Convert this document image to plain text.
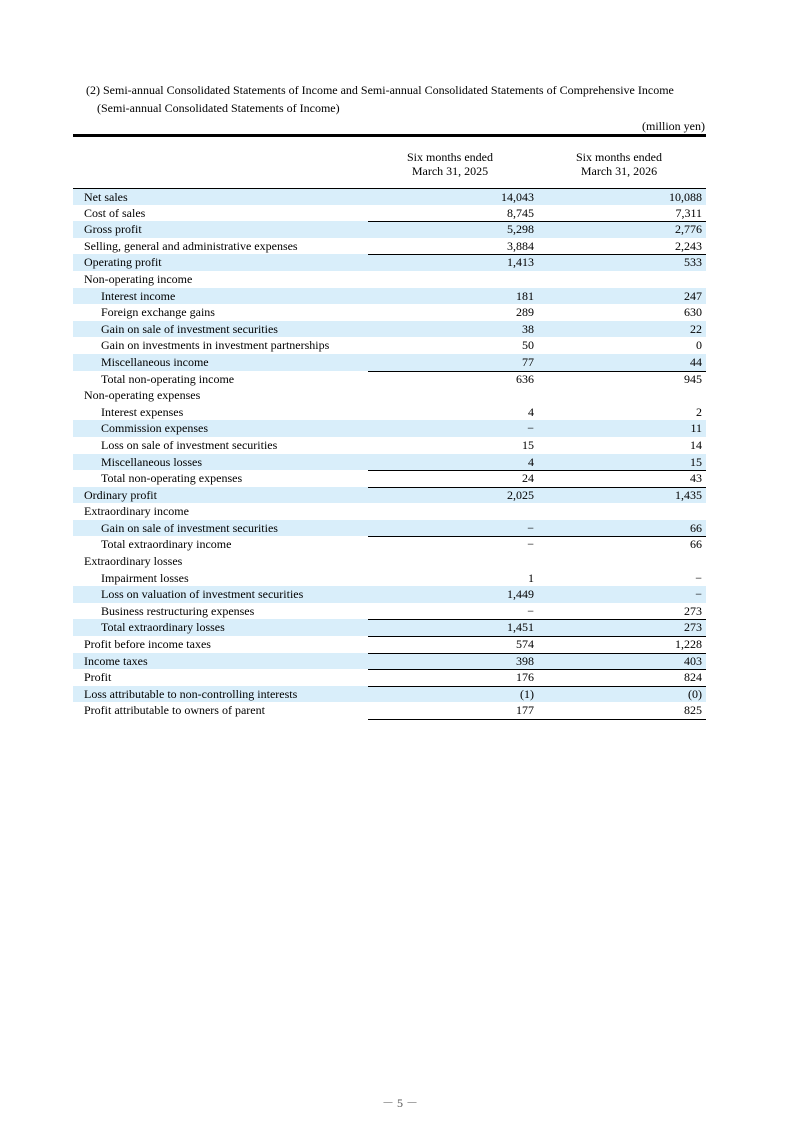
(2) Semi-annual Consolidated Statements of Income and Semi-annual Consolidated Statements of Comprehensive Income
(Semi-annual Consolidated Statements of Income)
(million yen)
Six months ended
March 31, 2025
Six months ended
March 31, 2026
Net sales	14,043	10,088
Cost of sales	8,745	7,311
Gross profit	5,298	2,776
Selling, general and administrative expenses	3,884	2,243
Operating profit	1,413	533
Non-operating income
Interest income	181	247
Foreign exchange gains	289	630
Gain on sale of investment securities	38	22
Gain on investments in investment partnerships	50	0
Miscellaneous income	77	44
Total non-operating income	636	945
Non-operating expenses
Interest expenses	4	2
Commission expenses	−	11
Loss on sale of investment securities	15	14
Miscellaneous losses	4	15
Total non-operating expenses	24	43
Ordinary profit	2,025	1,435
Extraordinary income
Gain on sale of investment securities	−	66
Total extraordinary income	−	66
Extraordinary losses
Impairment losses	1	−
Loss on valuation of investment securities	1,449	−
Business restructuring expenses	−	273
Total extraordinary losses	1,451	273
Profit before income taxes	574	1,228
Income taxes	398	403
Profit	176	824
Loss attributable to non-controlling interests	(1)	(0)
Profit attributable to owners of parent	177	825
－ 5 －
